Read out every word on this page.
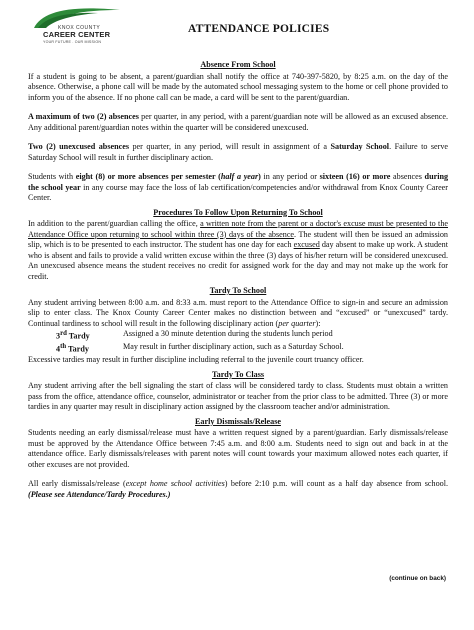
KNOX COUNTY
CAREER CENTER
YOUR FUTURE . OUR MISSION
ATTENDANCE POLICIES
Absence From School

If a student is going to be absent, a parent/guardian shall notify the office at 740-397-5820, by 8:25 a.m. on the day of the absence. Otherwise, a phone call will be made by the automated school messaging system to the home or cell phone provided to inform you of the absence. If no phone call can be made, a card will be sent to the parent/guardian.

A maximum of two (2) absences per quarter, in any period, with a parent/guardian note will be allowed as an excused absence. Any additional parent/guardian notes within the quarter will be considered unexcused.

Two (2) unexcused absences per quarter, in any period, will result in assignment of a Saturday School. Failure to serve Saturday School will result in further disciplinary action.

Students with eight (8) or more absences per semester (half a year) in any period or sixteen (16) or more absences during the school year in any course may face the loss of lab certification/competencies and/or withdrawal from Knox County Career Center.

Procedures To Follow Upon Returning To School

In addition to the parent/guardian calling the office, a written note from the parent or a doctor's excuse must be presented to the Attendance Office upon returning to school within three (3) days of the absence. The student will then be issued an admission slip, which is to be presented to each instructor. The student has one day for each excused day absent to make up work. A student who is absent and fails to provide a valid written excuse within the three (3) days of his/her return will be considered unexcused. An unexcused absence means the student receives no credit for assigned work for the day and may not make up the work for credit.

Tardy To School

Any student arriving between 8:00 a.m. and 8:33 a.m. must report to the Attendance Office to sign-in and secure an admission slip to enter class. The Knox County Career Center makes no distinction between and “excused” or “unexcused” tardy. Continual tardiness to school will result in the following disciplinary action (per quarter):

3rd Tardy	Assigned a 30 minute detention during the students lunch period
4th Tardy	May result in further disciplinary action, such as a Saturday School.

Excessive tardies may result in further discipline including referral to the juvenile court truancy officer.

Tardy To Class

Any student arriving after the bell signaling the start of class will be considered tardy to class. Students must obtain a written pass from the office, attendance office, counselor, administrator or teacher from the prior class to be admitted. Three (3) or more tardies in any quarter may result in disciplinary action assigned by the classroom teacher and/or administration.

Early Dismissals/Release

Students needing an early dismissal/release must have a written request signed by a parent/guardian. Early dismissals/release must be approved by the Attendance Office between 7:45 a.m. and 8:00 a.m. Students need to sign out and back in at the attendance office. Early dismissals/releases with parent notes will count towards your maximum allowed notes each quarter, if other excuses are not provided.

All early dismissals/release (except home school activities) before 2:10 p.m. will count as a half day absence from school. (Please see Attendance/Tardy Procedures.)

(continue on back)
